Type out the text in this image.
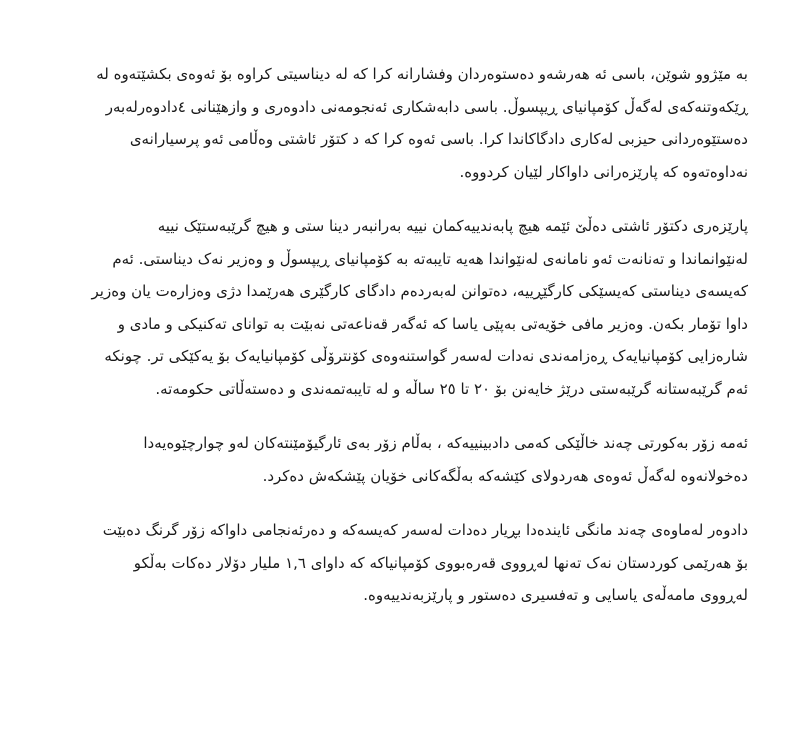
بە مێژوو شوێن، باسی ئە هەرشەو دەستوەردان وفشارانە کرا کە لە دیناسیتی کراوە بۆ ئەوەی بکشێتەوە لە
ڕێکەوتنەکەی لەگەڵ کۆمپانیای ڕیپسوڵ. باسی دابەشکاری ئەنجومەنی دادوەری و وازهێنانی ٤دادوەرلەبەر
دەستێوەردانی حیزبی لەکاری دادگاکاندا کرا. باسی ئەوە کرا کە د کتۆر ئاشتی وەڵامی ئەو پرسیارانەی
نەداوەتەوە کە پارێزەرانی داواکار لێیان کردووە.

پارێزەری دکتۆر ئاشتی دەڵێ ئێمە هیچ پابەندییەکمان نییە بەرانبەر دینا ستی و هیچ گرێبەستێک نییە
لەنێوانماندا و تەنانەت ئەو نامانەی لەنێواندا هەیە تایبەتە بە کۆمپانیای ڕیپسوڵ و وەزیر نەک دیناستی. ئەم
کەیسەی دیناستی کەیسێکی کارگێڕییە، دەتوانن لەبەردەم دادگای کارگێری هەرێمدا دژی وەزارەت یان وەزیر
داوا تۆمار بکەن. وەزیر مافی خۆیەتی بەپێی یاسا کە ئەگەر قەناعەتی نەبێت بە توانای تەکنیکی و مادی و
شارەزایی کۆمپانیایەک ڕەزامەندی نەدات لەسەر گواستنەوەی کۆنترۆڵی کۆمپانیایەک بۆ یەکێکی تر. چونکە
ئەم گرێبەستانە گرێبەستی درێژ خایەنن بۆ ٢٠ تا ٢٥ ساڵە و لە تایبەتمەندی و دەستەڵاتی حکومەتە.

ئەمە زۆر بەکورتی چەند خاڵێکی کەمی دادبینییەکە ، بەڵام زۆر بەی ئارگیۆمێنتەکان لەو چوارچێوەیەدا
دەخولانەوە لەگەڵ ئەوەی هەردولای کێشەکە بەڵگەکانی خۆیان پێشکەش دەکرد.

دادوەر لەماوەی چەند مانگی ئایندەدا بڕیار دەدات لەسەر کەیسەکە و دەرئەنجامی داواکە زۆر گرنگ دەبێت
بۆ هەرێمی کوردستان نەک تەنها لەڕووی قەرەبووی کۆمپانیاکە کە داوای ١,٦ ملیار دۆلار دەکات بەڵکو
لەڕووی مامەڵەی یاسایی و تەفسیری دەستور و پارێزبەندییەوە.
